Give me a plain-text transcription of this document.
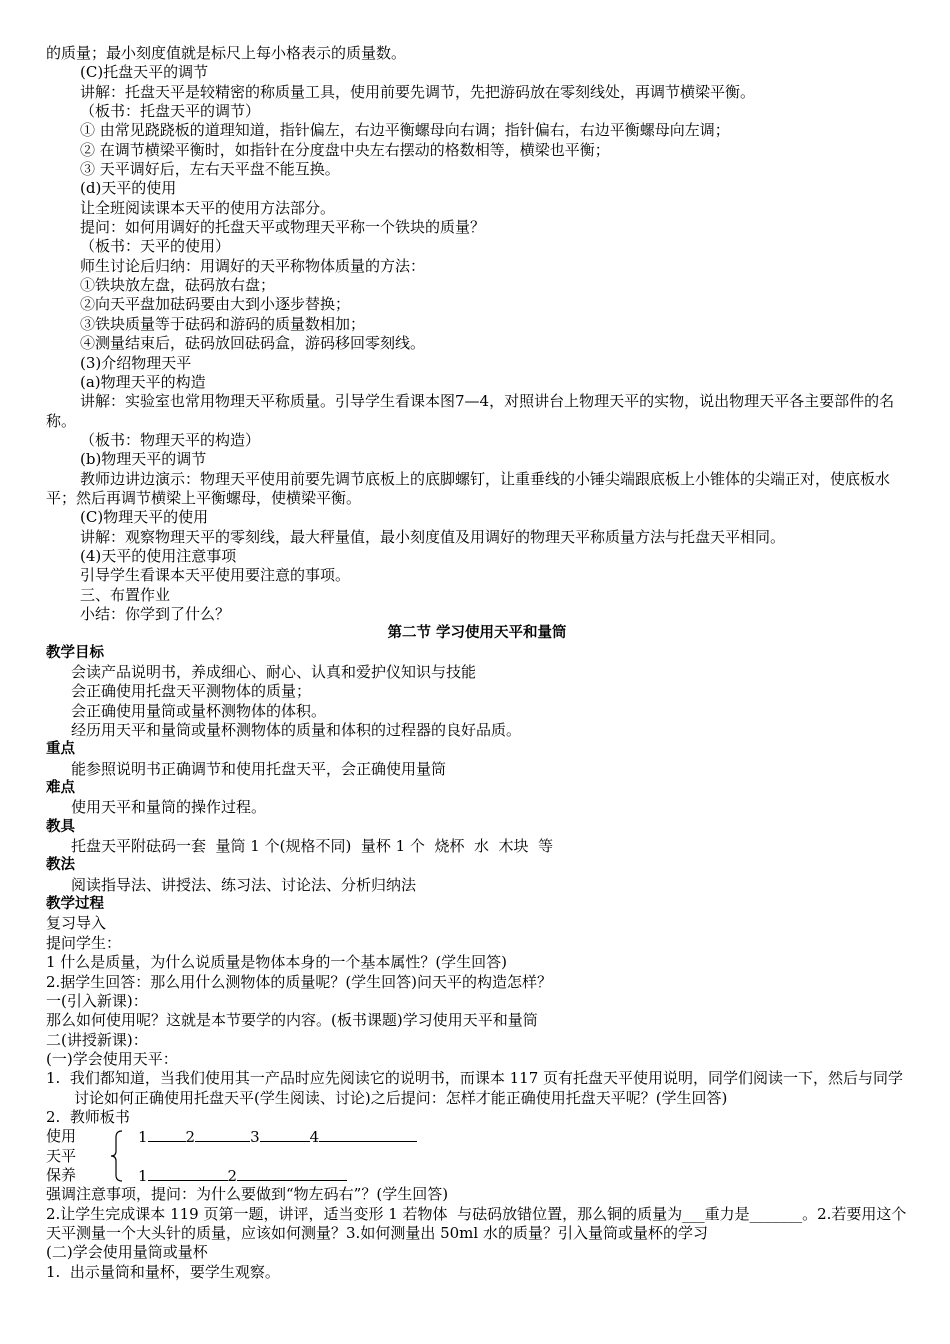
的质量；最小刻度值就是标尺上每小格表示的质量数。
(C)托盘天平的调节
讲解：托盘天平是较精密的称质量工具，使用前要先调节，先把游码放在零刻线处，再调节横梁平衡。
（板书：托盘天平的调节）
① 由常见跷跷板的道理知道，指针偏左，右边平衡螺母向右调；指针偏右，右边平衡螺母向左调；
② 在调节横梁平衡时，如指针在分度盘中央左右摆动的格数相等，横梁也平衡；
③ 天平调好后，左右天平盘不能互换。
(d)天平的使用
让全班阅读课本天平的使用方法部分。
提问：如何用调好的托盘天平或物理天平称一个铁块的质量？
（板书：天平的使用）
师生讨论后归纳：用调好的天平称物体质量的方法：
①铁块放左盘，砝码放右盘；
②向天平盘加砝码要由大到小逐步替换；
③铁块质量等于砝码和游码的质量数相加；
④测量结束后，砝码放回砝码盒，游码移回零刻线。
(3)介绍物理天平
(a)物理天平的构造
讲解：实验室也常用物理天平称质量。引导学生看课本图7—4，对照讲台上物理天平的实物，说出物理天平各主要部件的名称。
（板书：物理天平的构造）
(b)物理天平的调节
教师边讲边演示：物理天平使用前要先调节底板上的底脚螺钉，让重垂线的小锤尖端跟底板上小锥体的尖端正对，使底板水平；然后再调节横梁上平衡螺母，使横梁平衡。
(C)物理天平的使用
讲解：观察物理天平的零刻线，最大秤量值，最小刻度值及用调好的物理天平称质量方法与托盘天平相同。
(4)天平的使用注意事项
引导学生看课本天平使用要注意的事项。
三、布置作业
小结：你学到了什么？
第二节 学习使用天平和量筒
教学目标
会读产品说明书，养成细心、耐心、认真和爱护仪知识与技能
会正确使用托盘天平测物体的质量；
会正确使用量筒或量杯测物体的体积。
经历用天平和量筒或量杯测物体的质量和体积的过程器的良好品质。
重点
能参照说明书正确调节和使用托盘天平，会正确使用量筒
难点
使用天平和量筒的操作过程。
教具
托盘天平附砝码一套  量筒 1 个(规格不同)  量杯 1 个  烧杯  水  木块  等
教法
阅读指导法、讲授法、练习法、讨论法、分析归纳法
教学过程
复习导入
提问学生：
1 什么是质量，为什么说质量是物体本身的一个基本属性？(学生回答)
2.据学生回答：那么用什么测物体的质量呢？(学生回答)问天平的构造怎样？
一(引入新课)：
那么如何使用呢？这就是本节要学的内容。(板书课题)学习使用天平和量筒
二(讲授新课)：
(一)学会使用天平：
1.  我们都知道，当我们使用其一产品时应先阅读它的说明书，而课本 117 页有托盘天平使用说明，同学们阅读一下，然后与同学讨论如何正确使用托盘天平(学生阅读、讨论)之后提问：怎样才能正确使用托盘天平呢？(学生回答)
2.  教师板书
使用
天平
保养
1	2	3	4
1	2
强调注意事项，提问：为什么要做到“物左码右”？(学生回答)
2.让学生完成课本 119 页第一题，讲评，适当变形 1 若物体  与砝码放错位置，那么铜的质量为___重力是_______。2.若要用这个天平测量一个大头针的质量，应该如何测量？3.如何测量出 50ml 水的质量？引入量筒或量杯的学习
(二)学会使用量筒或量杯
1.  出示量筒和量杯，要学生观察。
